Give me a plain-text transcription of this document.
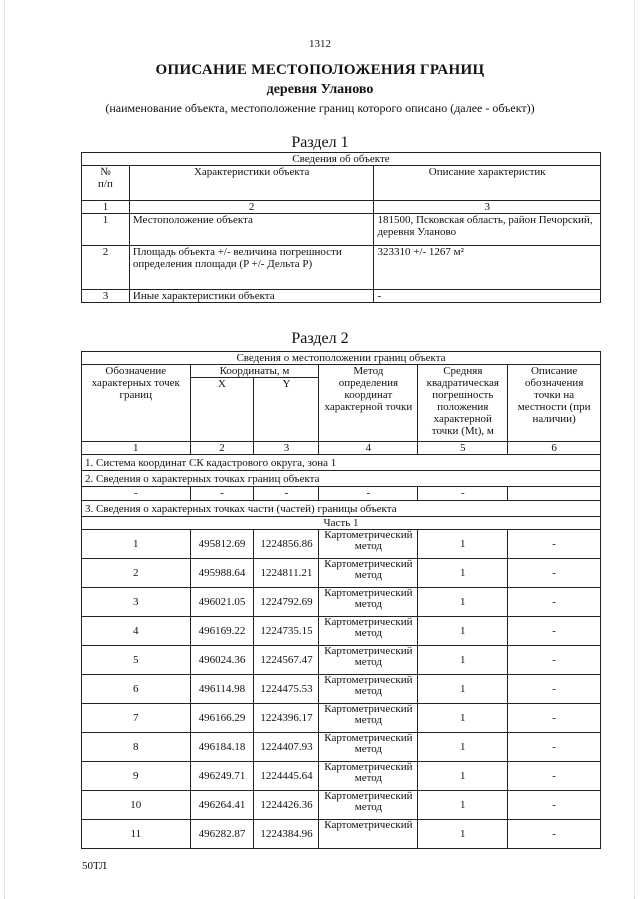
1312
ОПИСАНИЕ МЕСТОПОЛОЖЕНИЯ ГРАНИЦ
деревня Уланово
(наименование объекта, местоположение границ которого описано (далее - объект))
Раздел 1
Сведения об объекте		
№
п/п	Характеристики объекта	Описание характеристик
1	2	3
1	Местоположение объекта	181500, Псковская область, район Печорский, деревня Уланово
2	Площадь объекта +/- величина погрешности определения площади (P +/- Дельта P)	323310 +/- 1267 м²
3	Иные характеристики объекта	-
Раздел 2
Сведения о местоположении границ объекта					
Обозначение характерных точек границ	Координаты, м		Метод определения координат характерной точки	Средняя квадратическая погрешность положения характерной точки (Mt), м	Описание обозначения точки на местности (при наличии)
	X	Y			
1	2	3	4	5	6
1. Система координат СК кадастрового округа, зона 1					
2. Сведения о характерных точках границ объекта					
-	-	-	-	-	
3. Сведения о характерных точках части (частей) границы объекта					
Часть 1					
1	495812.69	1224856.86	Картометрический метод	1	-
2	495988.64	1224811.21	Картометрический метод	1	-
3	496021.05	1224792.69	Картометрический метод	1	-
4	496169.22	1224735.15	Картометрический метод	1	-
5	496024.36	1224567.47	Картометрический метод	1	-
6	496114.98	1224475.53	Картометрический метод	1	-
7	496166.29	1224396.17	Картометрический метод	1	-
8	496184.18	1224407.93	Картометрический метод	1	-
9	496249.71	1224445.64	Картометрический метод	1	-
10	496264.41	1224426.36	Картометрический метод	1	-
11	496282.87	1224384.96	Картометрический	1	-
50ТЛ
